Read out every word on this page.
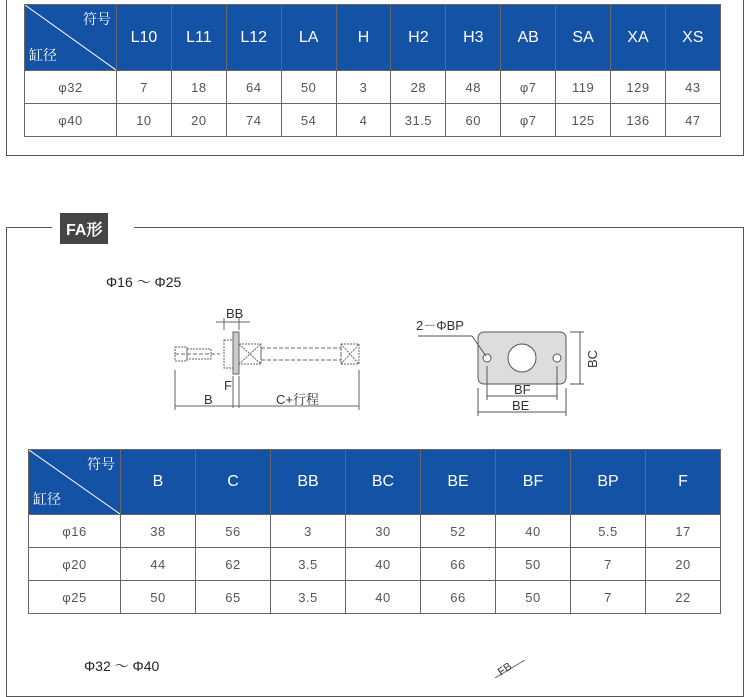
符号
缸径	L10	L11	L12	LA	H	H2	H3	AB	SA	XA	XS
φ32	7	18	64	50	3	28	48	φ7	119	129	43
φ40	10	20	74	54	4	31.5	60	φ7	125	136	47
FA形
Φ16 ～ Φ25
BB
F
B	C+行程
2－ΦBP
BF
BE
BC
符号
缸径	B	C	BB	BC	BE	BF	BP	F
φ16	38	56	3	30	52	40	5.5	17
φ20	44	62	3.5	40	66	50	7	20
φ25	50	65	3.5	40	66	50	7	22
Φ32 ～ Φ40	FB
